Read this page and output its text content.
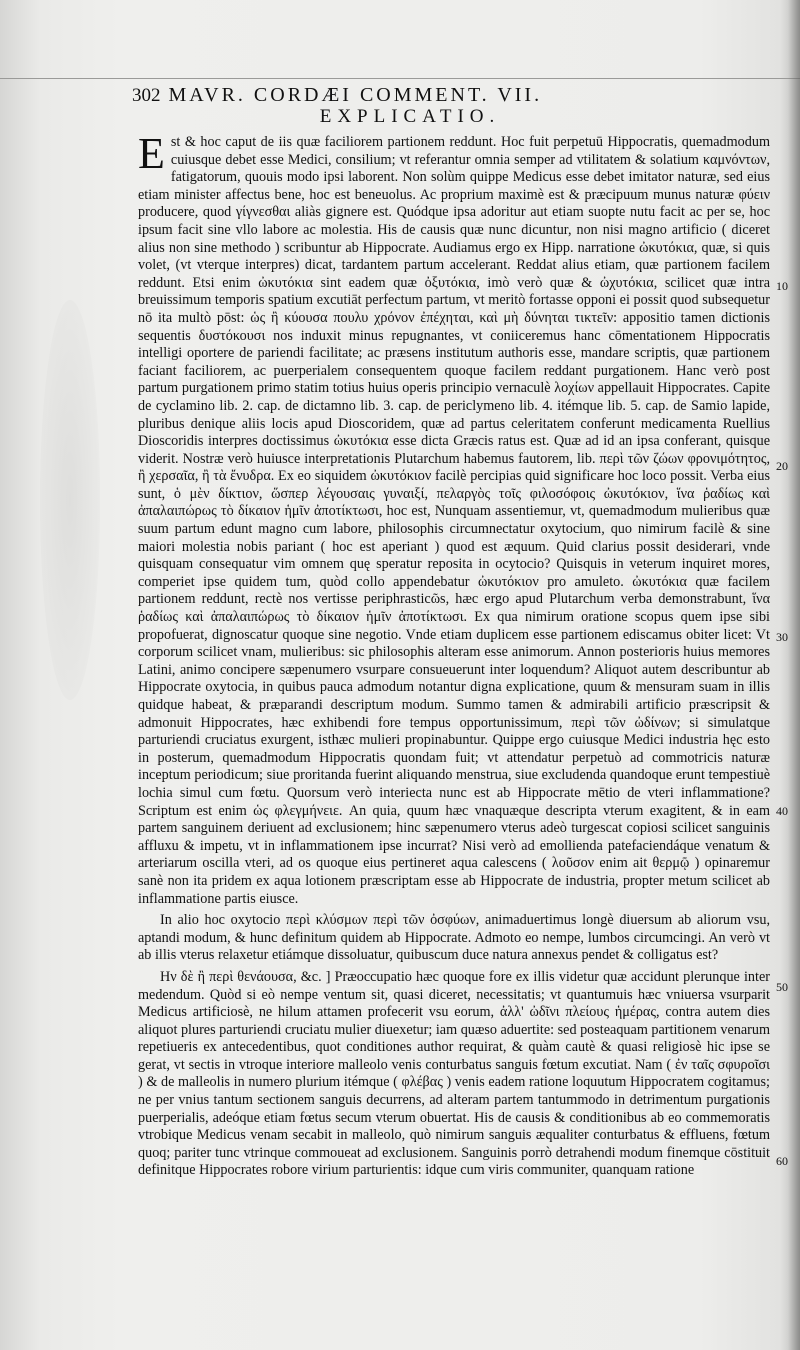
302 MAVR. CORDÆI COMMENT. VII.
EXPLICATIO.

E st & hoc caput de iis quæ faciliorem partionem reddunt. Hoc fuit perpetuū Hippocratis, quemadmodum cuiusque debet esse Medici, consilium; vt referantur omnia semper ad vtilitatem & solatium καμνόντων, fatigatorum, quouis modo ipsi laborent. Non solùm quippe Medicus esse debet imitator naturæ, sed eius etiam minister affectus bene, hoc est beneuolus. Ac proprium maximè est & præcipuum munus naturæ φύειν producere, quod γίγνεσθαι aliàs gignere est. Quódque ipsa adoritur aut etiam suopte nutu facit ac per se, hoc ipsum facit sine vllo labore ac molestia. His de causis quæ nunc dicuntur, non nisi magno artificio ( diceret alius non sine methodo ) scribuntur ab Hippocrate. Audiamus ergo ex Hipp. narratione ὠκυτόκια, quæ, si quis volet, (vt vterque interpres) dicat, tardantem partum accelerant. Reddat alius etiam, quæ partionem facilem reddunt. Etsi enim ὠκυτόκια sint eadem quæ ὀξυτόκια, imò verò quæ & ὠχυτόκια, scilicet quæ intra breuissimum temporis spatium excutiāt perfectum partum, vt meritò fortasse opponi ei possit quod subsequetur nō ita multò pōst: ὡς ἢ κύουσα πουλυ χρόνον ἐπέχηται, καὶ μὴ δύνηται τικτεῖν: appositio tamen dictionis sequentis δυστόκουσι nos induxit minus repugnantes, vt coniiceremus hanc cōmentationem Hippocratis intelligi oportere de pariendi facilitate; ac præsens institutum authoris esse, mandare scriptis, quæ partionem faciant faciliorem, ac puerperialem consequentem quoque facilem reddant purgationem. Hanc verò post partum purgationem primo statim totius huius operis principio vernaculè λοχίων appellauit Hippocrates. Capite de cyclamino lib. 2. cap. de dictamno lib. 3. cap. de periclymeno lib. 4. itémque lib. 5. cap. de Samio lapide, pluribus denique aliis locis apud Dioscoridem, quæ ad partus celeritatem conferunt medicamenta Ruellius Dioscoridis interpres doctissimus ὠκυτόκια esse dicta Græcis ratus est. Quæ ad id an ipsa conferant, quisque viderit. Nostræ verò huiusce interpretationis Plutarchum habemus fautorem, lib. περὶ τῶν ζώων φρονιμότητος, ἢ χερσαῖα, ἢ τὰ ἔνυδρα. Ex eo siquidem ὠκυτόκιον facilè percipias quid significare hoc loco possit. Verba eius sunt, ὁ μὲν δίκτιον, ὥσπερ λέγουσαις γυναιξί, πελαργὸς τοῖς φιλοσόφοις ὠκυτόκιον, ἵνα ῥαδίως καὶ ἀπαλαιπώρως τὸ δίκαιον ἡμῖν ἀποτίκτωσι, hoc est, Nunquam assentiemur, vt, quemadmodum mulieribus quæ suum partum edunt magno cum labore, philosophis circumnectatur oxytocium, quo nimirum facilè & sine maiori molestia nobis pariant ( hoc est aperiant ) quod est æquum. Quid clarius possit desiderari, vnde quisquam consequatur vim omnem quę speratur reposita in ocytocio? Quisquis in veterum inquiret mores, comperiet ipse quidem tum, quòd collo appendebatur ὠκυτόκιον pro amuleto. ὠκυτόκια quæ facilem partionem reddunt, rectè nos vertisse periphrasticῶs, hæc ergo apud Plutarchum verba demonstrabunt, ἵνα ῥαδίως καὶ ἀπαλαιπώρως τὸ δίκαιον ἡμῖν ἀποτίκτωσι. Ex qua nimirum oratione scopus quem ipse sibi propofuerat, dignoscatur quoque sine negotio. Vnde etiam duplicem esse partionem ediscamus obiter licet: Vt corporum scilicet vnam, mulieribus: sic philosophis alteram esse animorum. Annon posterioris huius memores Latini, animo concipere sæpenumero vsurpare consueuerunt inter loquendum? Aliquot autem describuntur ab Hippocrate oxytocia, in quibus pauca admodum notantur digna explicatione, quum & mensuram suam in illis quidque habeat, & præparandi descriptum modum. Summo tamen & admirabili artificio præscripsit & admonuit Hippocrates, hæc exhibendi fore tempus opportunissimum, περὶ τῶν ὠδίνων; si simulatque parturiendi cruciatus exurgent, isthæc mulieri propinabuntur. Quippe ergo cuiusque Medici industria hęc esto in posterum, quemadmodum Hippocratis quondam fuit; vt attendatur perpetuò ad commotricis naturæ inceptum periodicum; siue proritanda fuerint aliquando menstrua, siue excludenda quandoque erunt tempestiuè lochia simul cum fœtu. Quorsum verò interiecta nunc est ab Hippocrate mētio de vteri inflammatione? Scriptum est enim ὡς φλεγμήνειε. An quia, quum hæc vnaquæque descripta vterum exagitent, & in eam partem sanguinem deriuent ad exclusionem; hinc sæpenumero vterus adeò turgescat copiosi scilicet sanguinis affluxu & impetu, vt in inflammationem ipse incurrat? Nisi verò ad emollienda patefaciendáque venatum & arteriarum oscilla vteri, ad os quoque eius pertineret aqua calescens ( λοῦσον enim ait θερμῷ ) opinaremur sanè non ita pridem ex aqua lotionem præscriptam esse ab Hippocrate de industria, propter metum scilicet ab inflammatione partis eiusce.

In alio hoc oxytocio περὶ κλύσμων περὶ τῶν ὀσφύων, animaduertimus longè diuersum ab aliorum vsu, aptandi modum, & hunc definitum quidem ab Hippocrate. Admoto eo nempe, lumbos circumcingi. An verò vt ab illis vterus relaxetur etiámque dissoluatur, quibuscum duce natura annexus pendet & colligatus est?

Ην δὲ ἢ περὶ θενάουσα, &c. ] Præoccupatio hæc quoque fore ex illis videtur quæ accidunt plerunque inter medendum. Quòd si eò nempe ventum sit, quasi diceret, necessitatis; vt quantumuis hæc vniuersa vsurparit Medicus artificiosè, ne hilum attamen profecerit vsu eorum, ἀλλ' ὠδῖνι πλείους ἡμέρας, contra autem dies aliquot plures parturiendi cruciatu mulier diuexetur; iam quæso aduertite: sed posteaquam partitionem venarum repetiueris ex antecedentibus, quot conditiones author requirat, & quàm cautè & quasi religiosè hic ipse se gerat, vt sectis in vtroque interiore malleolo venis conturbatus sanguis fœtum excutiat. Nam ( ἐν ταῖς σφυροῖσι ) & de malleolis in numero plurium itémque ( φλέβας ) venis eadem ratione loquutum Hippocratem cogitamus; ne per vnius tantum sectionem sanguis decurrens, ad alteram partem tantummodo in detrimentum purgationis puerperialis, adeóque etiam fœtus secum vterum obuertat. His de causis & conditionibus ab eo commemoratis vtrobique Medicus venam secabit in malleolo, quò nimirum sanguis æqualiter conturbatus & effluens, fœtum quoq; pariter tunc vtrinque commoueat ad exclusionem. Sanguinis porrò detrahendi modum finemque cōstituit definitque Hippocrates robore virium parturientis: idque cum viris communiter, quanquam ratione

10
20
30
40
50
60
